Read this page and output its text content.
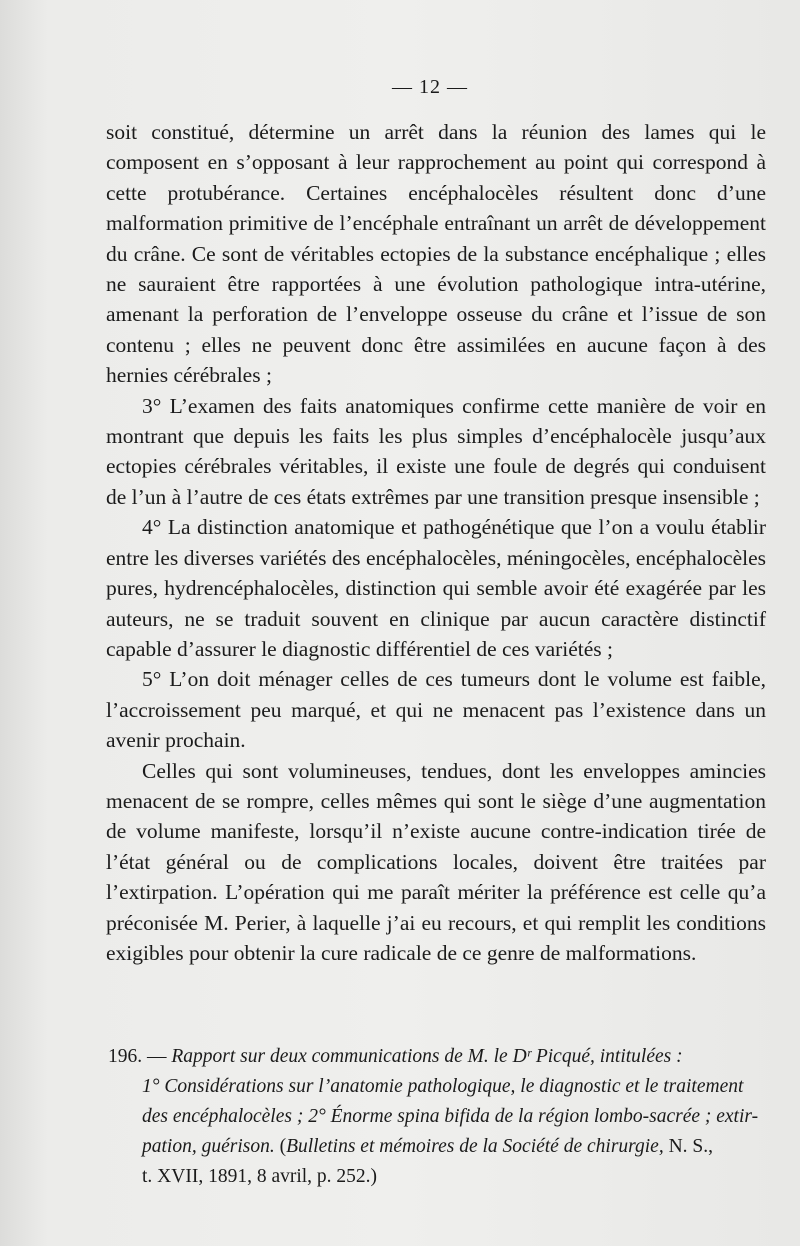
— 12 —

soit constitué, détermine un arrêt dans la réunion des lames qui le composent en s’opposant à leur rapprochement au point qui correspond à cette protubérance. Certaines encéphalocèles résultent donc d’une malformation primitive de l’encéphale entraînant un arrêt de développement du crâne. Ce sont de véritables ectopies de la substance encéphalique ; elles ne sauraient être rapportées à une évolution pathologique intra-utérine, amenant la perforation de l’enveloppe osseuse du crâne et l’issue de son contenu ; elles ne peuvent donc être assimilées en aucune façon à des hernies cérébrales ;

3° L’examen des faits anatomiques confirme cette manière de voir en montrant que depuis les faits les plus simples d’encéphalocèle jusqu’aux ectopies cérébrales véritables, il existe une foule de degrés qui conduisent de l’un à l’autre de ces états extrêmes par une transition presque insensible ;

4° La distinction anatomique et pathogénétique que l’on a voulu établir entre les diverses variétés des encéphalocèles, méningocèles, encéphalocèles pures, hydrencéphalocèles, distinction qui semble avoir été exagérée par les auteurs, ne se traduit souvent en clinique par aucun caractère distinctif capable d’assurer le diagnostic différentiel de ces variétés ;

5° L’on doit ménager celles de ces tumeurs dont le volume est faible, l’accroissement peu marqué, et qui ne menacent pas l’existence dans un avenir prochain.

Celles qui sont volumineuses, tendues, dont les enveloppes amincies menacent de se rompre, celles mêmes qui sont le siège d’une augmentation de volume manifeste, lorsqu’il n’existe aucune contre-indication tirée de l’état général ou de complications locales, doivent être traitées par l’extirpation. L’opération qui me paraît mériter la préférence est celle qu’a préconisée M. Perier, à laquelle j’ai eu recours, et qui remplit les conditions exigibles pour obtenir la cure radicale de ce genre de malformations.

196. — Rapport sur deux communications de M. le Dʳ Picqué, intitulées :
1° Considérations sur l’anatomie pathologique, le diagnostic et le traitement
des encéphalocèles ; 2° Énorme spina bifida de la région lombo-sacrée ; extir-
pation, guérison. (Bulletins et mémoires de la Société de chirurgie, N. S.,
t. XVII, 1891, 8 avril, p. 252.)
